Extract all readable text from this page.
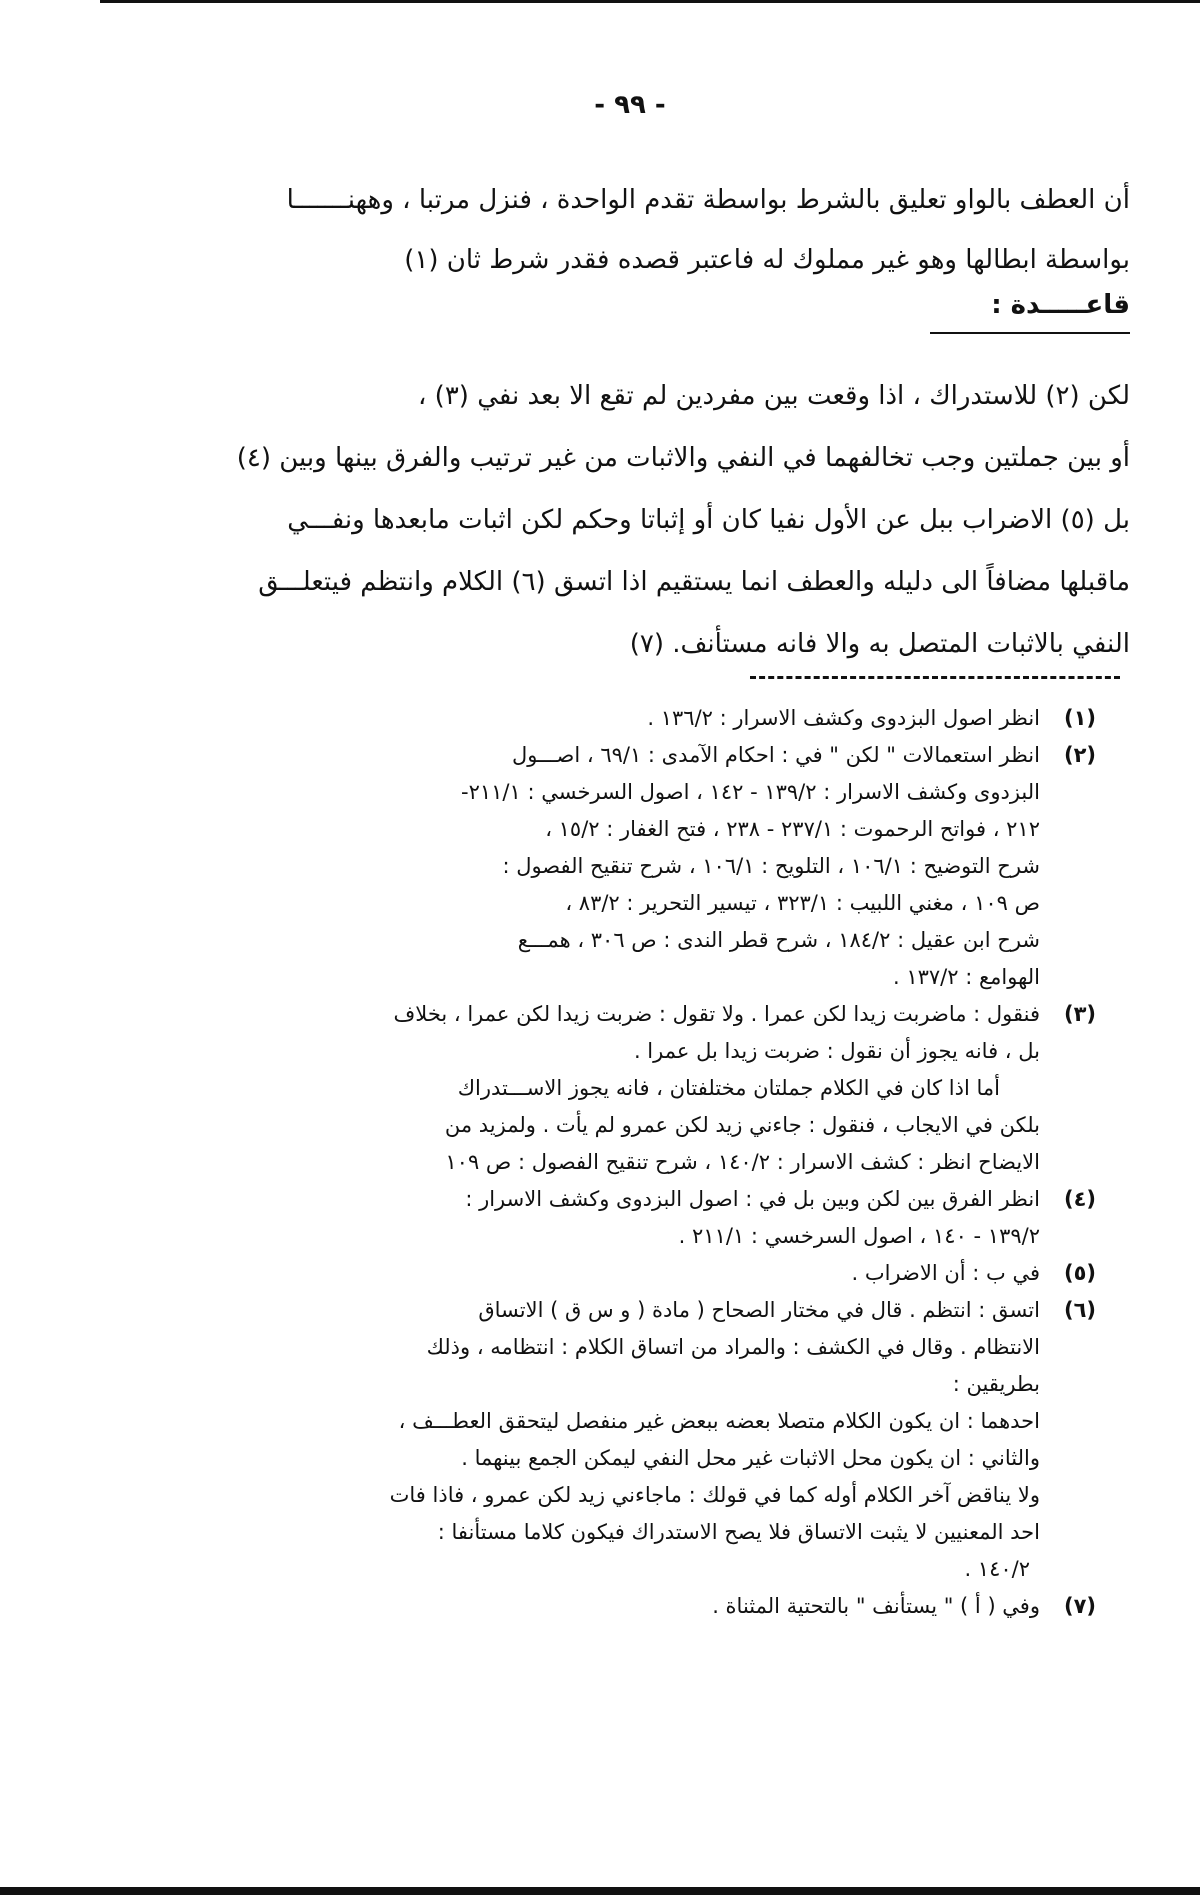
- ٩٩ -

أن العطف بالواو تعليق بالشرط بواسطة تقدم الواحدة ، فنزل مرتبا ، وههنـــــــا

بواسطة ابطالها وهو غير مملوك له فاعتبر قصده فقدر شرط ثان (١)

قاعـــــدة :

لكن (٢) للاستدراك ، اذا وقعت بين مفردين لم تقع الا بعد نفي (٣) ،

أو بين جملتين وجب تخالفهما في النفي والاثبات من غير ترتيب والفرق بينها وبين (٤)

بل (٥) الاضراب ببل عن الأول نفيا كان أو إثباتا وحكم لكن اثبات مابعدها ونفـــي

ماقبلها مضافاً الى دليله والعطف انما يستقيم اذا اتسق (٦) الكلام وانتظم فيتعلـــق

النفي بالاثبات المتصل به والا فانه مستأنف. (٧)

(١)

انظر اصول البزدوى وكشف الاسرار : ١٣٦/٢ .

(٢)

انظر استعمالات " لكن " في : احكام الآمدى : ٦٩/١ ، اصـــول

البزدوى وكشف الاسرار : ١٣٩/٢ - ١٤٢ ، اصول السرخسي : ٢١١/١-

٢١٢ ، فواتح الرحموت : ٢٣٧/١ - ٢٣٨ ، فتح الغفار : ١٥/٢ ،

شرح التوضيح : ١٠٦/١ ، التلويح : ١٠٦/١ ، شرح تنقيح الفصول :

ص ١٠٩ ، مغني اللبيب : ٣٢٣/١ ، تيسير التحرير : ٨٣/٢ ،

شرح ابن عقيل : ١٨٤/٢ ، شرح قطر الندى : ص ٣٠٦ ، همـــع

الهوامع : ١٣٧/٢ .

(٣)

فنقول : ماضربت زيدا لكن عمرا . ولا تقول : ضربت زيدا لكن عمرا ، بخلاف

بل ، فانه يجوز أن نقول : ضربت زيدا بل عمرا .

أما اذا كان في الكلام جملتان مختلفتان ، فانه يجوز الاســـتدراك

بلكن في الايجاب ، فنقول : جاءني زيد لكن عمرو لم يأت . ولمزيد من

الايضاح انظر : كشف الاسرار : ١٤٠/٢ ، شرح تنقيح الفصول : ص ١٠٩

(٤)

انظر الفرق بين لكن وبين بل في : اصول البزدوى وكشف الاسرار :

١٣٩/٢ - ١٤٠ ، اصول السرخسي : ٢١١/١ .

(٥)

في ب : أن الاضراب .

(٦)

اتسق : انتظم . قال في مختار الصحاح ( مادة ( و س ق ) الاتساق

الانتظام . وقال في الكشف : والمراد من اتساق الكلام : انتظامه ، وذلك

بطريقين :

احدهما : ان يكون الكلام متصلا بعضه ببعض غير منفصل ليتحقق العطـــف ،

والثاني : ان يكون محل الاثبات غير محل النفي ليمكن الجمع بينهما .

ولا يناقض آخر الكلام أوله كما في قولك : ماجاءني زيد لكن عمرو ، فاذا فات

احد المعنيين لا يثبت الاتساق فلا يصح الاستدراك فيكون كلاما مستأنفا :

١٤٠/٢ .

(٧)

وفي ( أ ) " يستأنف " بالتحتية المثناة .
